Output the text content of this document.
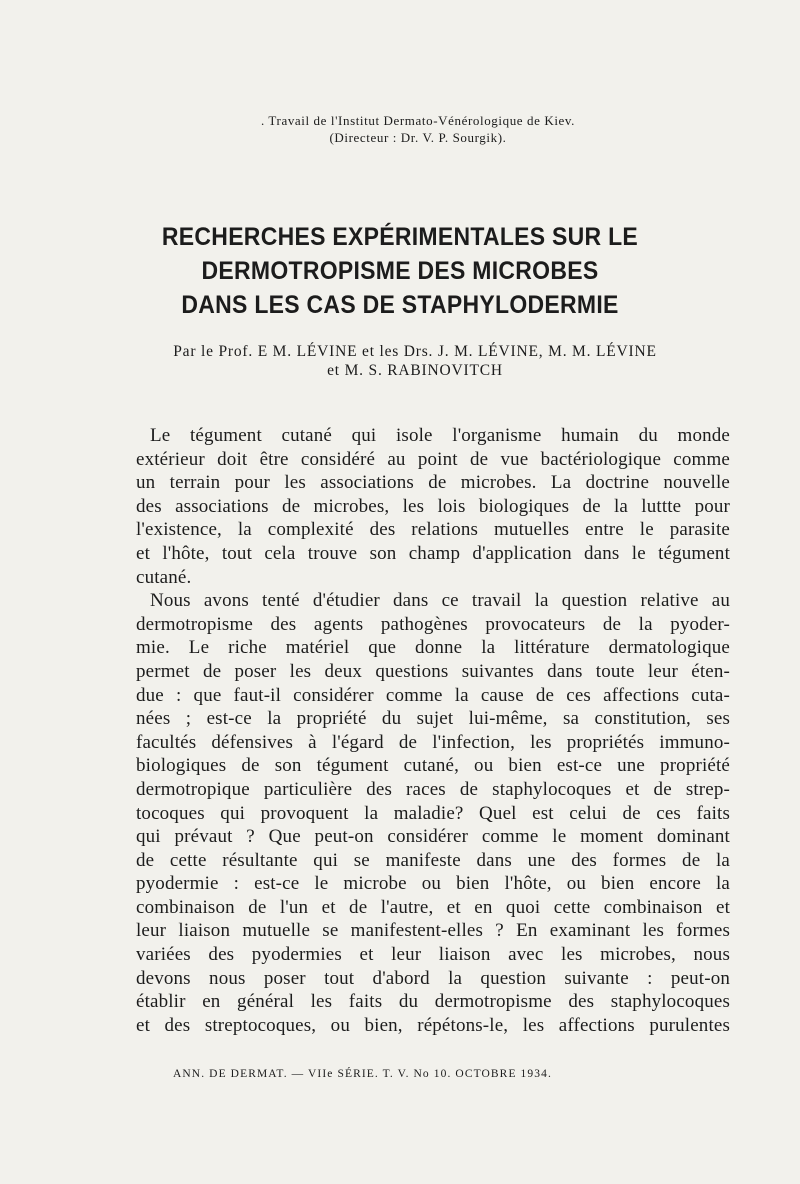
. Travail de l'Institut Dermato-Vénérologique de Kiev.
(Directeur : Dr. V. P. Sourgik).
RECHERCHES EXPÉRIMENTALES SUR LE
DERMOTROPISME DES MICROBES
DANS LES CAS DE STAPHYLODERMIE
Par le Prof. E M. LÉVINE et les Drs. J. M. LÉVINE, M. M. LÉVINE
et M. S. RABINOVITCH
Le tégument cutané qui isole l'organisme humain du monde
extérieur doit être considéré au point de vue bactériologique comme
un terrain pour les associations de microbes. La doctrine nouvelle
des associations de microbes, les lois biologiques de la luttte pour
l'existence, la complexité des relations mutuelles entre le parasite
et l'hôte, tout cela trouve son champ d'application dans le tégument
cutané.
Nous avons tenté d'étudier dans ce travail la question relative au
dermotropisme des agents pathogènes provocateurs de la pyoder-
mie. Le riche matériel que donne la littérature dermatologique
permet de poser les deux questions suivantes dans toute leur éten-
due : que faut-il considérer comme la cause de ces affections cuta-
nées ; est-ce la propriété du sujet lui-même, sa constitution, ses
facultés défensives à l'égard de l'infection, les propriétés immuno-
biologiques de son tégument cutané, ou bien est-ce une propriété
dermotropique particulière des races de staphylocoques et de strep-
tocoques qui provoquent la maladie? Quel est celui de ces faits
qui prévaut ? Que peut-on considérer comme le moment dominant
de cette résultante qui se manifeste dans une des formes de la
pyodermie : est-ce le microbe ou bien l'hôte, ou bien encore la
combinaison de l'un et de l'autre, et en quoi cette combinaison et
leur liaison mutuelle se manifestent-elles ? En examinant les formes
variées des pyodermies et leur liaison avec les microbes, nous
devons nous poser tout d'abord la question suivante : peut-on
établir en général les faits du dermotropisme des staphylocoques
et des streptocoques, ou bien, répétons-le, les affections purulentes
ANN. DE DERMAT. — VIIe SÉRIE. T. V. No 10. OCTOBRE 1934.
